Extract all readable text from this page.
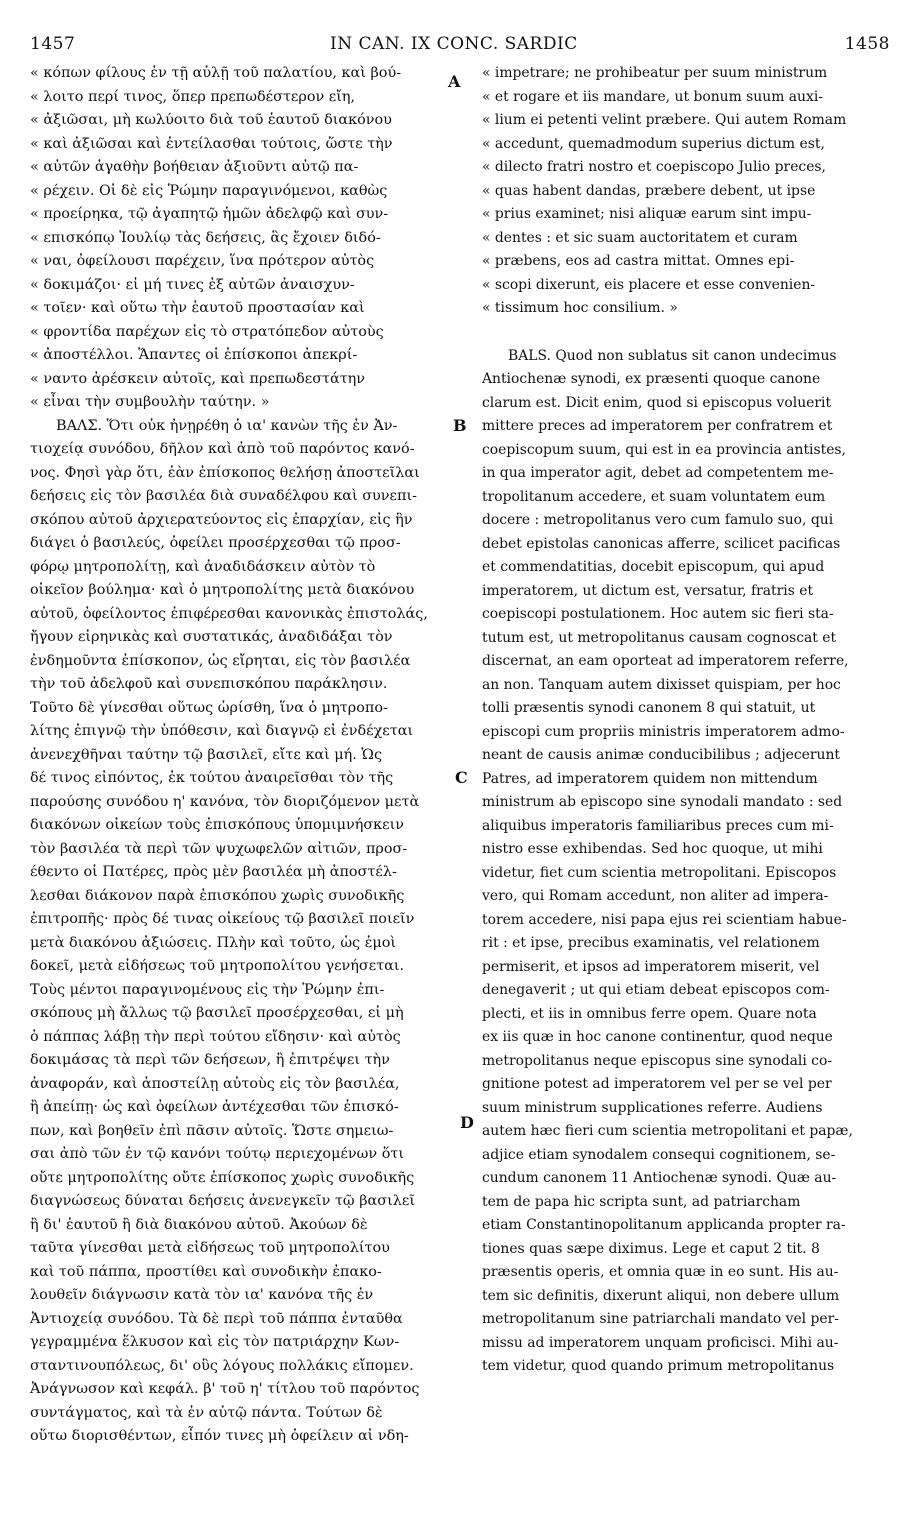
1457	IN CAN. IX CONC. SARDIC	1458
A
B
C
D
« κόπων φίλους ἐν τῇ αὐλῇ τοῦ παλατίου, καὶ βού-
« λοιτο περί τινος, ὅπερ πρεπωδέστερον εἴη,
« ἀξιῶσαι, μὴ κωλύοιτο διὰ τοῦ ἑαυτοῦ διακόνου
« καὶ ἀξιῶσαι καὶ ἐντείλασθαι τούτοις, ὥστε τὴν
« αὐτῶν ἀγαθὴν βοήθειαν ἀξιοῦντι αὐτῷ πα-
« ρέχειν. Οἱ δὲ εἰς Ῥώμην παραγινόμενοι, καθὼς
« προείρηκα, τῷ ἀγαπητῷ ἡμῶν ἀδελφῷ καὶ συν-
« επισκόπῳ Ἰουλίῳ τὰς δεήσεις, ἃς ἔχοιεν διδό-
« ναι, ὀφείλουσι παρέχειν, ἵνα πρότερον αὐτὸς
« δοκιμάζοι· εἰ μή τινες ἐξ αὐτῶν ἀναισχυν-
« τοῖεν· καὶ οὕτω τὴν ἑαυτοῦ προστασίαν καὶ
« φροντίδα παρέχων εἰς τὸ στρατόπεδον αὐτοὺς
« ἀποστέλλοι. Ἅπαντες οἱ ἐπίσκοποι ἀπεκρί-
« ναντο ἀρέσκειν αὐτοῖς, καὶ πρεπωδεστάτην
« εἶναι τὴν συμβουλὴν ταύτην. »
ΒΑΛΣ. Ὅτι οὐκ ἠνῃρέθη ὁ ια' κανὼν τῆς ἐν Ἀν-
τιοχείᾳ συνόδου, δῆλον καὶ ἀπὸ τοῦ παρόντος κανό-
νος. Φησὶ γὰρ ὅτι, ἐὰν ἐπίσκοπος θελήσῃ ἀποστεῖλαι
δεήσεις εἰς τὸν βασιλέα διὰ συναδέλφου καὶ συνεπι-
σκόπου αὐτοῦ ἀρχιερατεύοντος εἰς ἐπαρχίαν, εἰς ἣν
διάγει ὁ βασιλεύς, ὀφείλει προσέρχεσθαι τῷ προσ-
φόρῳ μητροπολίτῃ, καὶ ἀναδιδάσκειν αὐτὸν τὸ
οἰκεῖον βούλημα· καὶ ὁ μητροπολίτης μετὰ διακόνου
αὐτοῦ, ὀφείλοντος ἐπιφέρεσθαι κανονικὰς ἐπιστολάς,
ἤγουν εἰρηνικὰς καὶ συστατικάς, ἀναδιδάξαι τὸν
ἐνδημοῦντα ἐπίσκοπον, ὡς εἴρηται, εἰς τὸν βασιλέα
τὴν τοῦ ἀδελφοῦ καὶ συνεπισκόπου παράκλησιν.
Τοῦτο δὲ γίνεσθαι οὕτως ὡρίσθη, ἵνα ὁ μητροπο-
λίτης ἐπιγνῷ τὴν ὑπόθεσιν, καὶ διαγνῷ εἰ ἐνδέχεται
ἀνενεχθῆναι ταύτην τῷ βασιλεῖ, εἴτε καὶ μή. Ὡς
δέ τινος εἰπόντος, ἐκ τούτου ἀναιρεῖσθαι τὸν τῆς
παρούσης συνόδου η' κανόνα, τὸν διοριζόμενον μετὰ
διακόνων οἰκείων τοὺς ἐπισκόπους ὑπομιμνήσκειν
τὸν βασιλέα τὰ περὶ τῶν ψυχωφελῶν αἰτιῶν, προσ-
έθεντο οἱ Πατέρες, πρὸς μὲν βασιλέα μὴ ἀποστέλ-
λεσθαι διάκονον παρὰ ἐπισκόπου χωρὶς συνοδικῆς
ἐπιτροπῆς· πρὸς δέ τινας οἰκείους τῷ βασιλεῖ ποιεῖν
μετὰ διακόνου ἀξιώσεις. Πλὴν καὶ τοῦτο, ὡς ἐμοὶ
δοκεῖ, μετὰ εἰδήσεως τοῦ μητροπολίτου γενήσεται.
Τοὺς μέντοι παραγινομένους εἰς τὴν Ῥώμην ἐπι-
σκόπους μὴ ἄλλως τῷ βασιλεῖ προσέρχεσθαι, εἰ μὴ
ὁ πάππας λάβῃ τὴν περὶ τούτου εἴδησιν· καὶ αὐτὸς
δοκιμάσας τὰ περὶ τῶν δεήσεων, ἢ ἐπιτρέψει τὴν
ἀναφοράν, καὶ ἀποστείλῃ αὐτοὺς εἰς τὸν βασιλέα,
ἢ ἀπείπῃ· ὡς καὶ ὀφείλων ἀντέχεσθαι τῶν ἐπισκό-
πων, καὶ βοηθεῖν ἐπὶ πᾶσιν αὐτοῖς. Ὥστε σημειω-
σαι ἀπὸ τῶν ἐν τῷ κανόνι τούτῳ περιεχομένων ὅτι
οὔτε μητροπολίτης οὔτε ἐπίσκοπος χωρὶς συνοδικῆς
διαγνώσεως δύναται δεήσεις ἀνενεγκεῖν τῷ βασιλεῖ
ἢ δι' ἑαυτοῦ ἢ διὰ διακόνου αὐτοῦ. Ἀκούων δὲ
ταῦτα γίνεσθαι μετὰ εἰδήσεως τοῦ μητροπολίτου
καὶ τοῦ πάππα, προστίθει καὶ συνοδικὴν ἐπακο-
λουθεῖν διάγνωσιν κατὰ τὸν ια' κανόνα τῆς ἐν
Ἀντιοχείᾳ συνόδου. Τὰ δὲ περὶ τοῦ πάππα ἐνταῦθα
γεγραμμένα ἕλκυσον καὶ εἰς τὸν πατριάρχην Κων-
σταντινουπόλεως, δι' οὓς λόγους πολλάκις εἴπομεν.
Ἀνάγνωσον καὶ κεφάλ. β' τοῦ η' τίτλου τοῦ παρόντος
συντάγματος, καὶ τὰ ἐν αὐτῷ πάντα. Τούτων δὲ
οὕτω διορισθέντων, εἶπόν τινες μὴ ὀφείλειν αἱ νδη-
« impetrare; ne prohibeatur per suum ministrum
« et rogare et iis mandare, ut bonum suum auxi-
« lium ei petenti velint præbere. Qui autem Romam
« accedunt, quemadmodum superius dictum est,
« dilecto fratri nostro et coepiscopo Julio preces,
« quas habent dandas, præbere debent, ut ipse
« prius examinet; nisi aliquæ earum sint impu-
« dentes : et sic suam auctoritatem et curam
« præbens, eos ad castra mittat. Omnes epi-
« scopi dixerunt, eis placere et esse convenien-
« tissimum hoc consilium. »
BALS. Quod non sublatus sit canon undecimus
Antiochenæ synodi, ex præsenti quoque canone
clarum est. Dicit enim, quod si episcopus voluerit
mittere preces ad imperatorem per confratrem et
coepiscopum suum, qui est in ea provincia antistes,
in qua imperator agit, debet ad competentem me-
tropolitanum accedere, et suam voluntatem eum
docere : metropolitanus vero cum famulo suo, qui
debet epistolas canonicas afferre, scilicet pacificas
et commendatitias, docebit episcopum, qui apud
imperatorem, ut dictum est, versatur, fratris et
coepiscopi postulationem. Hoc autem sic fieri sta-
tutum est, ut metropolitanus causam cognoscat et
discernat, an eam oporteat ad imperatorem referre,
an non. Tanquam autem dixisset quispiam, per hoc
tolli præsentis synodi canonem 8 qui statuit, ut
episcopi cum propriis ministris imperatorem admo-
neant de causis animæ conducibilibus ; adjecerunt
Patres, ad imperatorem quidem non mittendum
ministrum ab episcopo sine synodali mandato : sed
aliquibus imperatoris familiaribus preces cum mi-
nistro esse exhibendas. Sed hoc quoque, ut mihi
videtur, fiet cum scientia metropolitani. Episcopos
vero, qui Romam accedunt, non aliter ad impera-
torem accedere, nisi papa ejus rei scientiam habue-
rit : et ipse, precibus examinatis, vel relationem
permiserit, et ipsos ad imperatorem miserit, vel
denegaverit ; ut qui etiam debeat episcopos com-
plecti, et iis in omnibus ferre opem. Quare nota
ex iis quæ in hoc canone continentur, quod neque
metropolitanus neque episcopus sine synodali co-
gnitione potest ad imperatorem vel per se vel per
suum ministrum supplicationes referre. Audiens
autem hæc fieri cum scientia metropolitani et papæ,
adjice etiam synodalem consequi cognitionem, se-
cundum canonem 11 Antiochenæ synodi. Quæ au-
tem de papa hic scripta sunt, ad patriarcham
etiam Constantinopolitanum applicanda propter ra-
tiones quas sæpe diximus. Lege et caput 2 tit. 8
præsentis operis, et omnia quæ in eo sunt. His au-
tem sic definitis, dixerunt aliqui, non debere ullum
metropolitanum sine patriarchali mandato vel per-
missu ad imperatorem unquam proficisci. Mihi au-
tem videtur, quod quando primum metropolitanus
